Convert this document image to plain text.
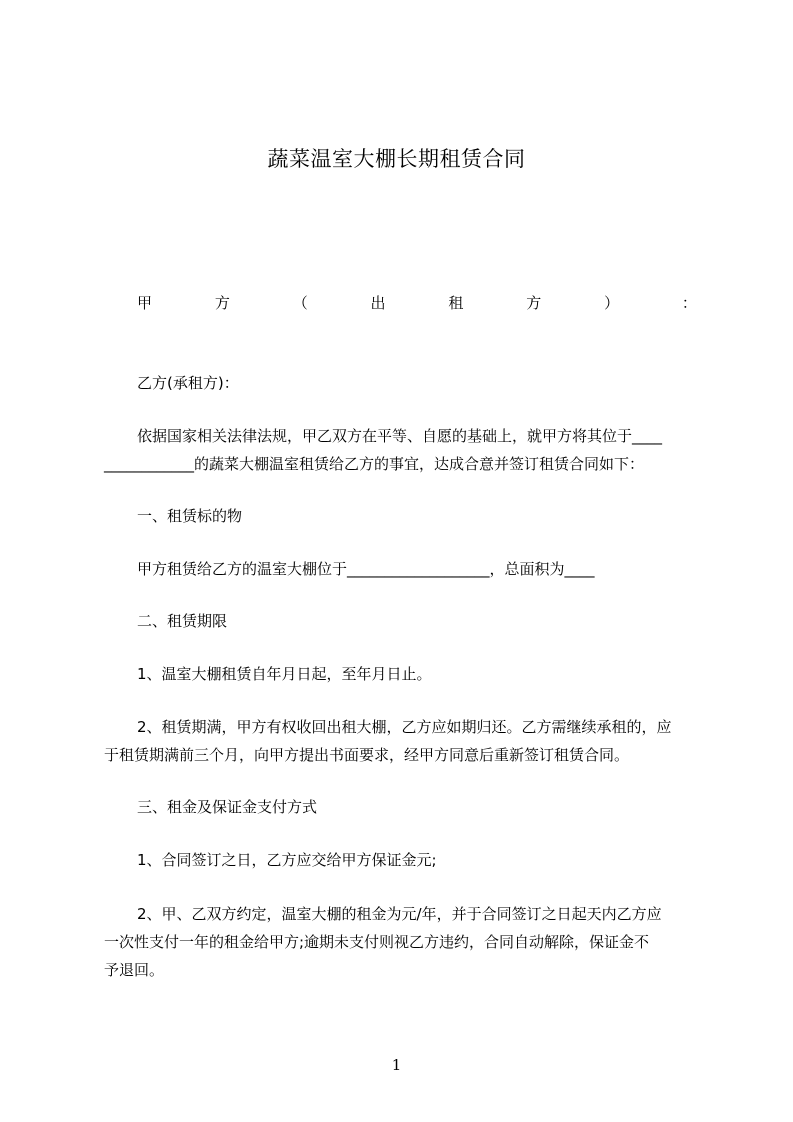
蔬菜温室大棚长期租赁合同
甲	方	（	出	租	方	）	：
乙方(承租方)：
依据国家相关法律法规，甲乙双方在平等、自愿的基础上，就甲方将其位于____
____________的蔬菜大棚温室租赁给乙方的事宜，达成合意并签订租赁合同如下：
一、租赁标的物
甲方租赁给乙方的温室大棚位于___________________，总面积为____
二、租赁期限
1、温室大棚租赁自年月日起，至年月日止。
2、租赁期满，甲方有权收回出租大棚，乙方应如期归还。乙方需继续承租的，应
于租赁期满前三个月，向甲方提出书面要求，经甲方同意后重新签订租赁合同。
三、租金及保证金支付方式
1、合同签订之日，乙方应交给甲方保证金元;
2、甲、乙双方约定，温室大棚的租金为元/年，并于合同签订之日起天内乙方应
一次性支付一年的租金给甲方;逾期未支付则视乙方违约，合同自动解除，保证金不
予退回。
1
